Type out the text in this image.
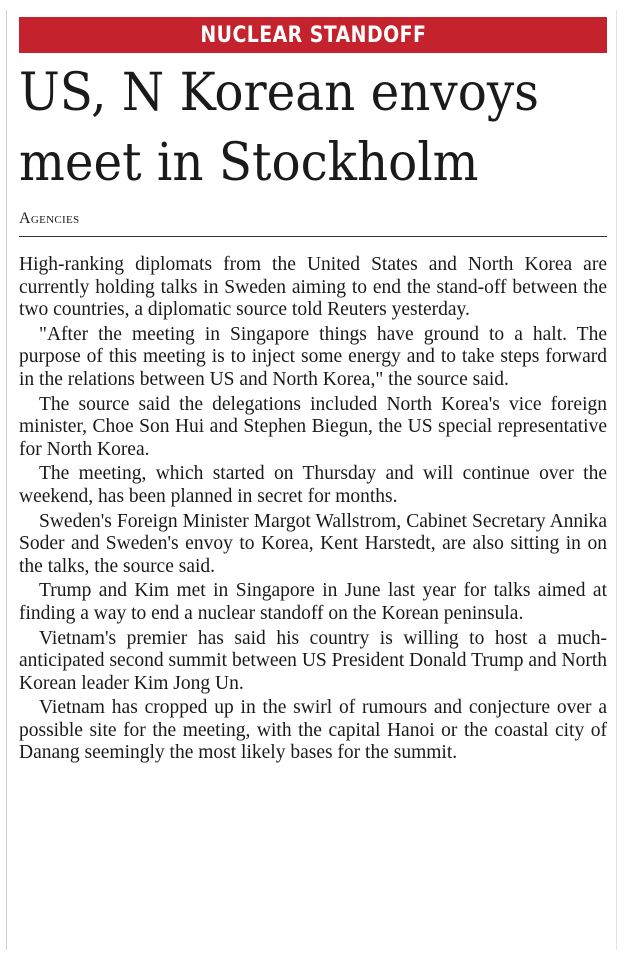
NUCLEAR STANDOFF
US, N Korean envoys
meet in Stockholm
Agencies

High-ranking diplomats from the United States and North Korea are currently holding talks in Sweden aiming to end the stand-off between the two countries, a diplomatic source told Reuters yesterday.

"After the meeting in Singapore things have ground to a halt. The purpose of this meeting is to inject some energy and to take steps forward in the relations between US and North Korea," the source said.

The source said the delegations included North Korea's vice foreign minister, Choe Son Hui and Stephen Biegun, the US special representative for North Korea.

The meeting, which started on Thursday and will continue over the weekend, has been planned in secret for months.

Sweden's Foreign Minister Margot Wallstrom, Cabinet Secretary Annika Soder and Sweden's envoy to Korea, Kent Harstedt, are also sitting in on the talks, the source said.

Trump and Kim met in Singapore in June last year for talks aimed at finding a way to end a nuclear standoff on the Korean peninsula.

Vietnam's premier has said his country is willing to host a much-anticipated second summit between US President Donald Trump and North Korean leader Kim Jong Un.

Vietnam has cropped up in the swirl of rumours and conjecture over a possible site for the meeting, with the capital Hanoi or the coastal city of Danang seemingly the most likely bases for the summit.
